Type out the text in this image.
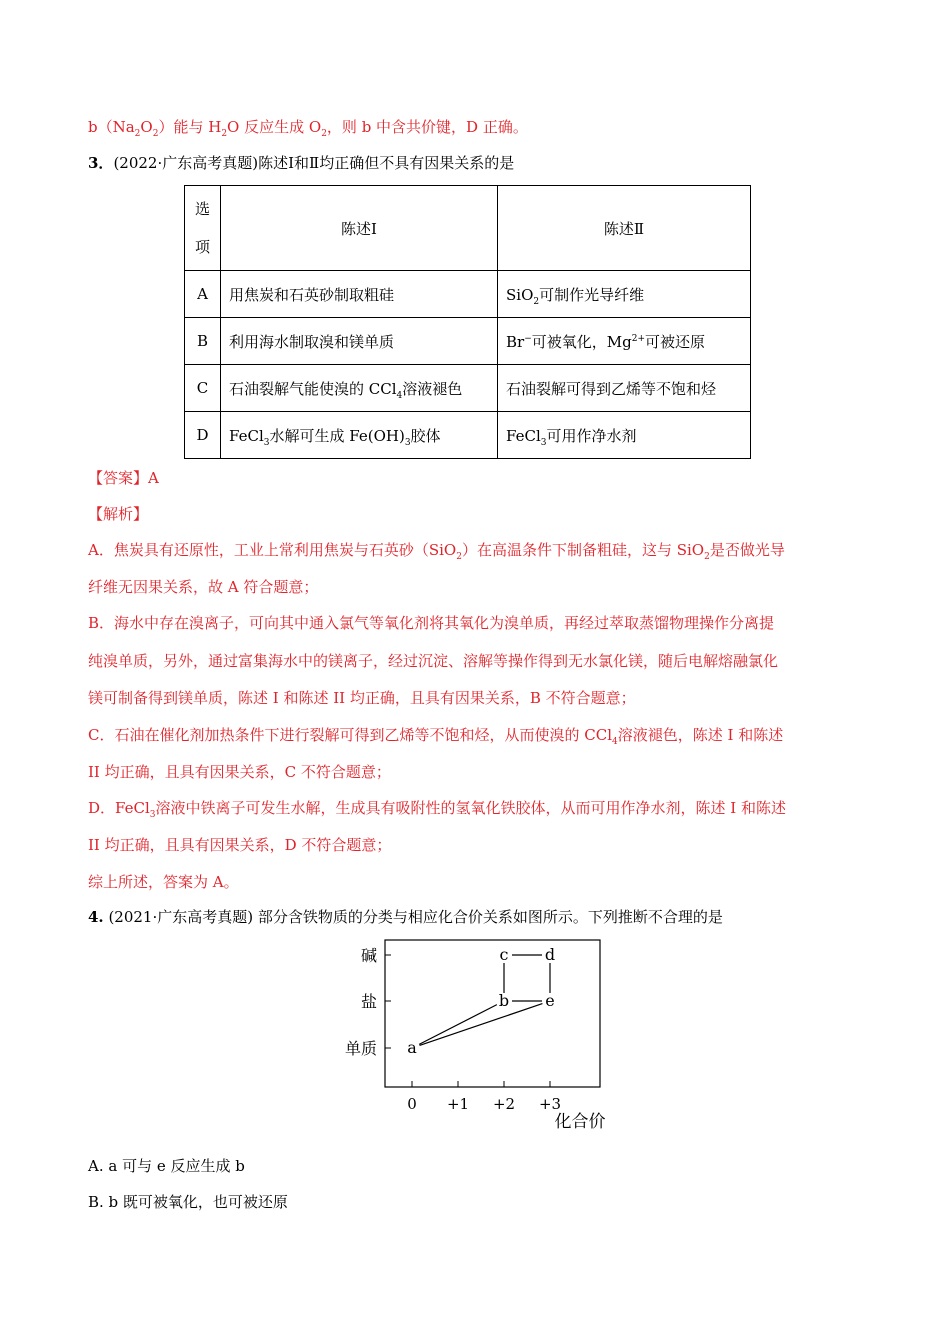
$b(Na_2O_2)$能与 $H_2O$ 反应生成 $O_2$，则 b 中含共价键，D 正确。
3．(2022·广东高考真题)陈述Ⅰ和Ⅱ均正确但不具有因果关系的是
选
项	陈述Ⅰ	陈述Ⅱ
A	用焦炭和石英砂制取粗硅	SiO$_2$可制作光导纤维
B	利用海水制取溴和镁单质	Br−可被氧化，$Mg^{2+}$可被还原
C	石油裂解气能使溴的 CCl$_4$溶液褪色	石油裂解可得到乙烯等不饱和烃
D	FeCl$_3$水解可生成 $Fe(OH)_3$胶体	FeCl$_3$可用作净水剂
【答案】A
【解析】
A．焦炭具有还原性，工业上常利用焦炭与石英砂（SiO$_2$）在高温条件下制备粗硅，这与 SiO$_2$是否做光导
纤维无因果关系，故 A 符合题意；
B．海水中存在溴离子，可向其中通入氯气等氧化剂将其氧化为溴单质，再经过萃取蒸馏物理操作分离提
纯溴单质，另外，通过富集海水中的镁离子，经过沉淀、溶解等操作得到无水氯化镁，随后电解熔融氯化
镁可制备得到镁单质，陈述 I 和陈述 II 均正确，且具有因果关系，B 不符合题意；
C．石油在催化剂加热条件下进行裂解可得到乙烯等不饱和烃，从而使溴的 CCl$_4$溶液褪色，陈述 I 和陈述
II 均正确，且具有因果关系，C 不符合题意；
D．FeCl$_3$溶液中铁离子可发生水解，生成具有吸附性的氢氧化铁胶体，从而可用作净水剂，陈述 I 和陈述
II 均正确，且具有因果关系，D 不符合题意；
综上所述，答案为 A。
4. (2021·广东高考真题) 部分含铁物质的分类与相应化合价关系如图所示。下列推断不合理的是
a
b e
c d
单质
盐
碱
0 +1 +2 +3
化合价
A. a 可与 e 反应生成 b
B. b 既可被氧化，也可被还原
